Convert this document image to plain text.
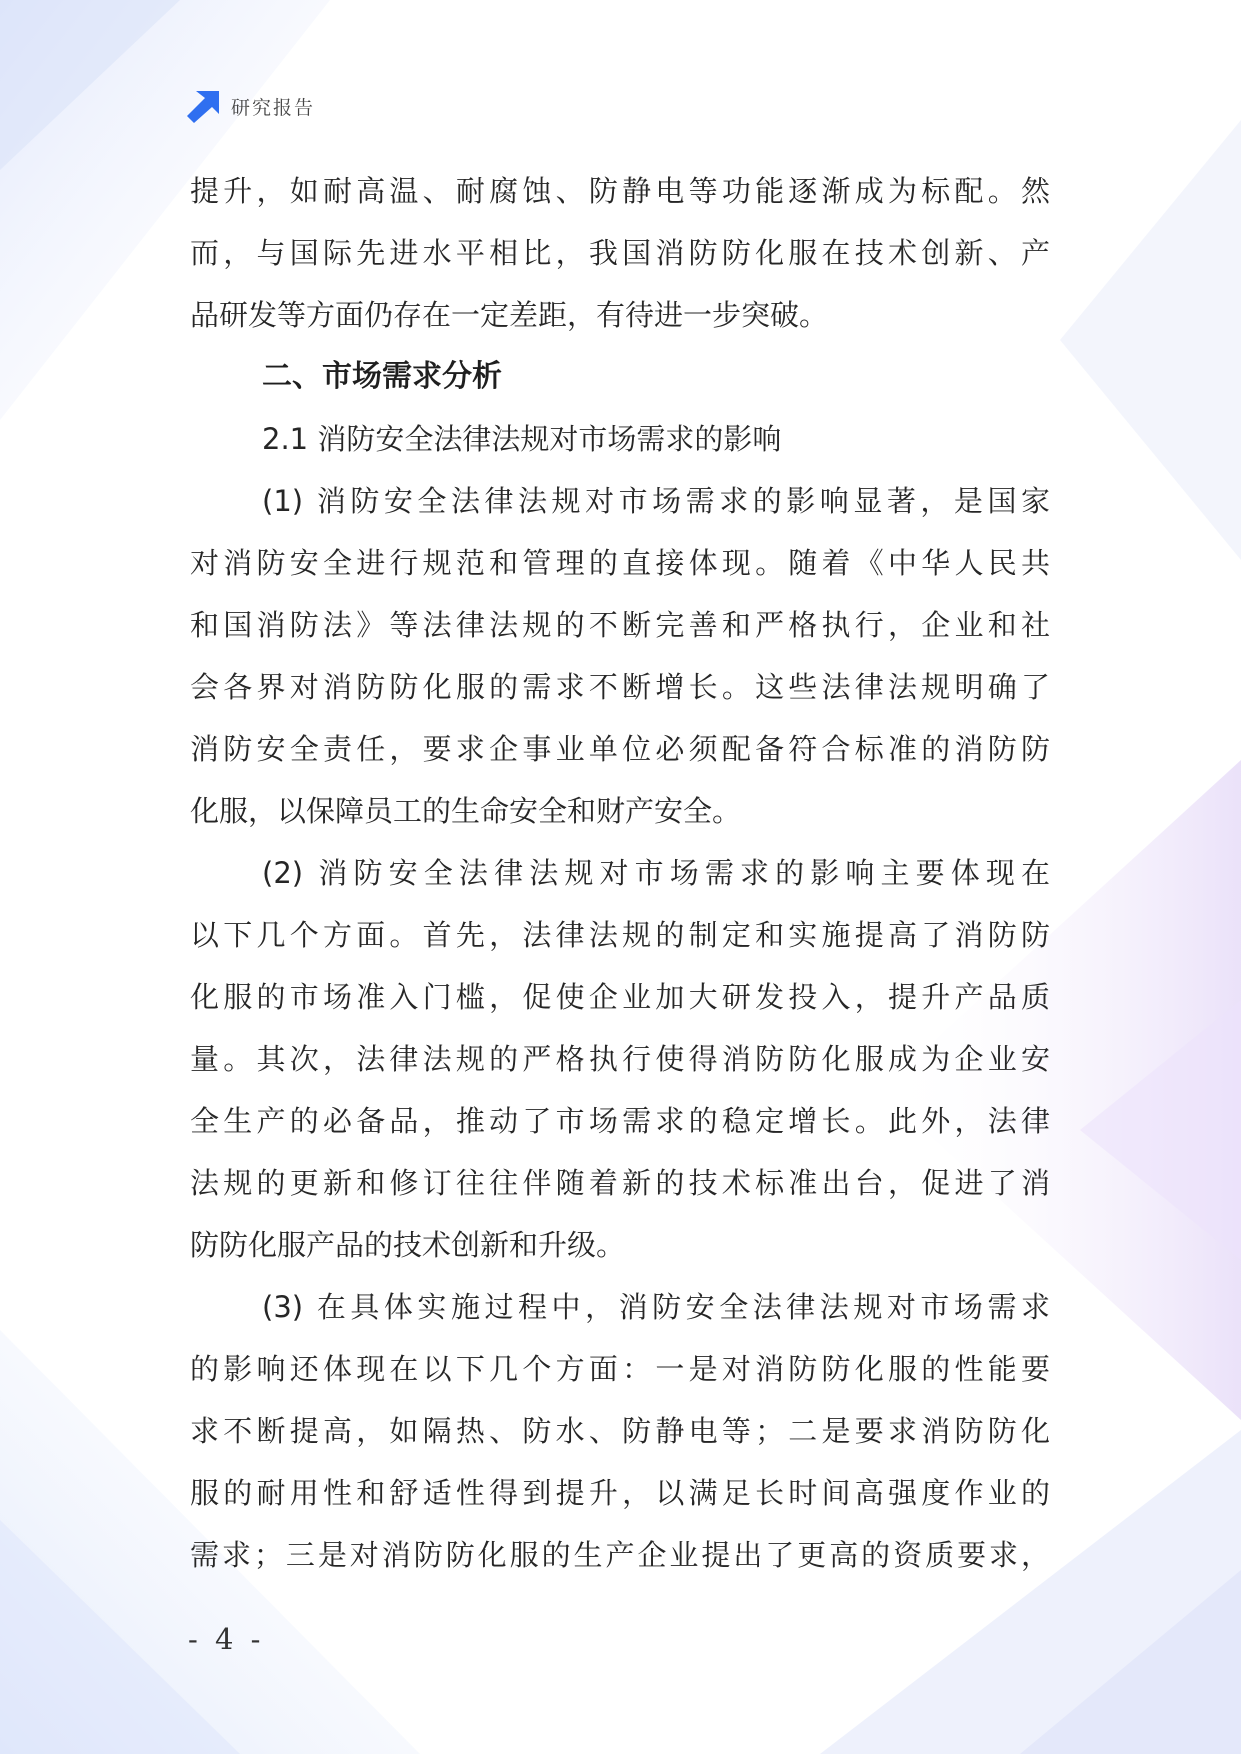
研究报告
提升，如耐高温、耐腐蚀、防静电等功能逐渐成为标配。然
而，与国际先进水平相比，我国消防防化服在技术创新、产
品研发等方面仍存在一定差距，有待进一步突破。
二、市场需求分析
2.1 消防安全法律法规对市场需求的影响
(1) 消防安全法律法规对市场需求的影响显著，是国家
对消防安全进行规范和管理的直接体现。随着《中华人民共
和国消防法》等法律法规的不断完善和严格执行，企业和社
会各界对消防防化服的需求不断增长。这些法律法规明确了
消防安全责任，要求企事业单位必须配备符合标准的消防防
化服，以保障员工的生命安全和财产安全。
(2) 消防安全法律法规对市场需求的影响主要体现在
以下几个方面。首先，法律法规的制定和实施提高了消防防
化服的市场准入门槛，促使企业加大研发投入，提升产品质
量。其次，法律法规的严格执行使得消防防化服成为企业安
全生产的必备品，推动了市场需求的稳定增长。此外，法律
法规的更新和修订往往伴随着新的技术标准出台，促进了消
防防化服产品的技术创新和升级。
(3) 在具体实施过程中，消防安全法律法规对市场需求
的影响还体现在以下几个方面：一是对消防防化服的性能要
求不断提高，如隔热、防水、防静电等；二是要求消防防化
服的耐用性和舒适性得到提升，以满足长时间高强度作业的
需求；三是对消防防化服的生产企业提出了更高的资质要求，
- 4 -
